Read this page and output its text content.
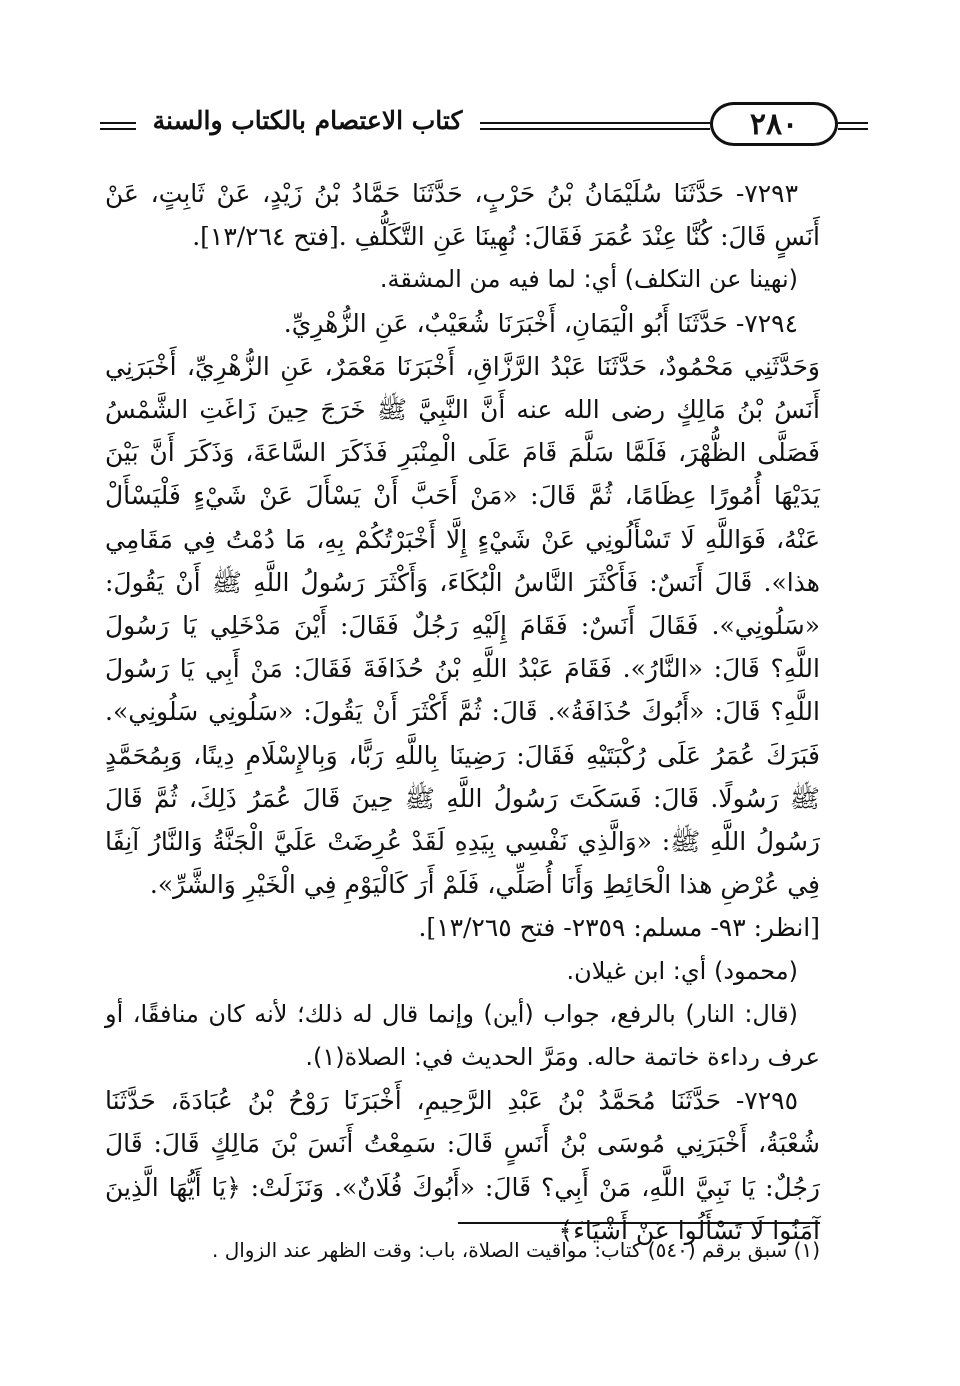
كتاب الاعتصام بالكتاب والسنة	٢٨٠

٧٢٩٣- حَدَّثَنَا سُلَيْمَانُ بْنُ حَرْبٍ، حَدَّثَنَا حَمَّادُ بْنُ زَيْدٍ، عَنْ ثَابِتٍ، عَنْ أَنَسٍ قَالَ: كُنَّا عِنْدَ عُمَرَ فَقَالَ: نُهِينَا عَنِ التَّكَلُّفِ .[فتح ١٣/٢٦٤].

(نهينا عن التكلف) أي: لما فيه من المشقة.

٧٢٩٤- حَدَّثَنَا أَبُو الْيَمَانِ، أَخْبَرَنَا شُعَيْبٌ، عَنِ الزُّهْرِيِّ.

وَحَدَّثَنِي مَحْمُودٌ، حَدَّثَنَا عَبْدُ الرَّزَّاقِ، أَخْبَرَنَا مَعْمَرٌ، عَنِ الزُّهْرِيِّ، أَخْبَرَنِي أَنَسُ بْنُ مَالِكٍ رضى الله عنه أَنَّ النَّبِيَّ ﷺ خَرَجَ حِينَ زَاغَتِ الشَّمْسُ فَصَلَّى الظُّهْرَ، فَلَمَّا سَلَّمَ قَامَ عَلَى الْمِنْبَرِ فَذَكَرَ السَّاعَةَ، وَذَكَرَ أَنَّ بَيْنَ يَدَيْهَا أُمُورًا عِظَامًا، ثُمَّ قَالَ: «مَنْ أَحَبَّ أَنْ يَسْأَلَ عَنْ شَيْءٍ فَلْيَسْأَلْ عَنْهُ، فَوَاللَّهِ لَا تَسْأَلُونِي عَنْ شَيْءٍ إِلَّا أَخْبَرْتُكُمْ بِهِ، مَا دُمْتُ فِي مَقَامِي هذا». قَالَ أَنَسٌ: فَأَكْثَرَ النَّاسُ الْبُكَاءَ، وَأَكْثَرَ رَسُولُ اللَّهِ ﷺ أَنْ يَقُولَ: «سَلُونِي». فَقَالَ أَنَسٌ: فَقَامَ إِلَيْهِ رَجُلٌ فَقَالَ: أَيْنَ مَدْخَلِي يَا رَسُولَ اللَّهِ؟ قَالَ: «النَّارُ». فَقَامَ عَبْدُ اللَّهِ بْنُ حُذَافَةَ فَقَالَ: مَنْ أَبِي يَا رَسُولَ اللَّهِ؟ قَالَ: «أَبُوكَ حُذَافَةُ». قَالَ: ثُمَّ أَكْثَرَ أَنْ يَقُولَ: «سَلُونِي سَلُونِي». فَبَرَكَ عُمَرُ عَلَى رُكْبَتَيْهِ فَقَالَ: رَضِينَا بِاللَّهِ رَبًّا، وَبِالإِسْلَامِ دِينًا، وَبِمُحَمَّدٍ ﷺ رَسُولًا. قَالَ: فَسَكَتَ رَسُولُ اللَّهِ ﷺ حِينَ قَالَ عُمَرُ ذَلِكَ، ثُمَّ قَالَ رَسُولُ اللَّهِ ﷺ: «وَالَّذِي نَفْسِي بِيَدِهِ لَقَدْ عُرِضَتْ عَلَيَّ الْجَنَّةُ وَالنَّارُ آنِفًا فِي عُرْضِ هذا الْحَائِطِ وَأَنَا أُصَلِّي، فَلَمْ أَرَ كَالْيَوْمِ فِي الْخَيْرِ وَالشَّرِّ».

[انظر: ٩٣- مسلم: ٢٣٥٩- فتح ١٣/٢٦٥].

(محمود) أي: ابن غيلان.

(قال: النار) بالرفع، جواب (أين) وإنما قال له ذلك؛ لأنه كان منافقًا، أو عرف رداءة خاتمة حاله. ومَرَّ الحديث في: الصلاة(١).

٧٢٩٥- حَدَّثَنَا مُحَمَّدُ بْنُ عَبْدِ الرَّحِيمِ، أَخْبَرَنَا رَوْحُ بْنُ عُبَادَةَ، حَدَّثَنَا شُعْبَةُ، أَخْبَرَنِي مُوسَى بْنُ أَنَسٍ قَالَ: سَمِعْتُ أَنَسَ بْنَ مَالِكٍ قَالَ: قَالَ رَجُلٌ: يَا نَبِيَّ اللَّهِ، مَنْ أَبِي؟ قَالَ: «أَبُوكَ فُلَانٌ». وَنَزَلَتْ: ﴿يَا أَيُّهَا الَّذِينَ آمَنُوا لَا تَسْأَلُوا عَنْ أَشْيَاءَ﴾

(١) سبق برقم (٥٤٠) كتاب: مواقيت الصلاة، باب: وقت الظهر عند الزوال .
